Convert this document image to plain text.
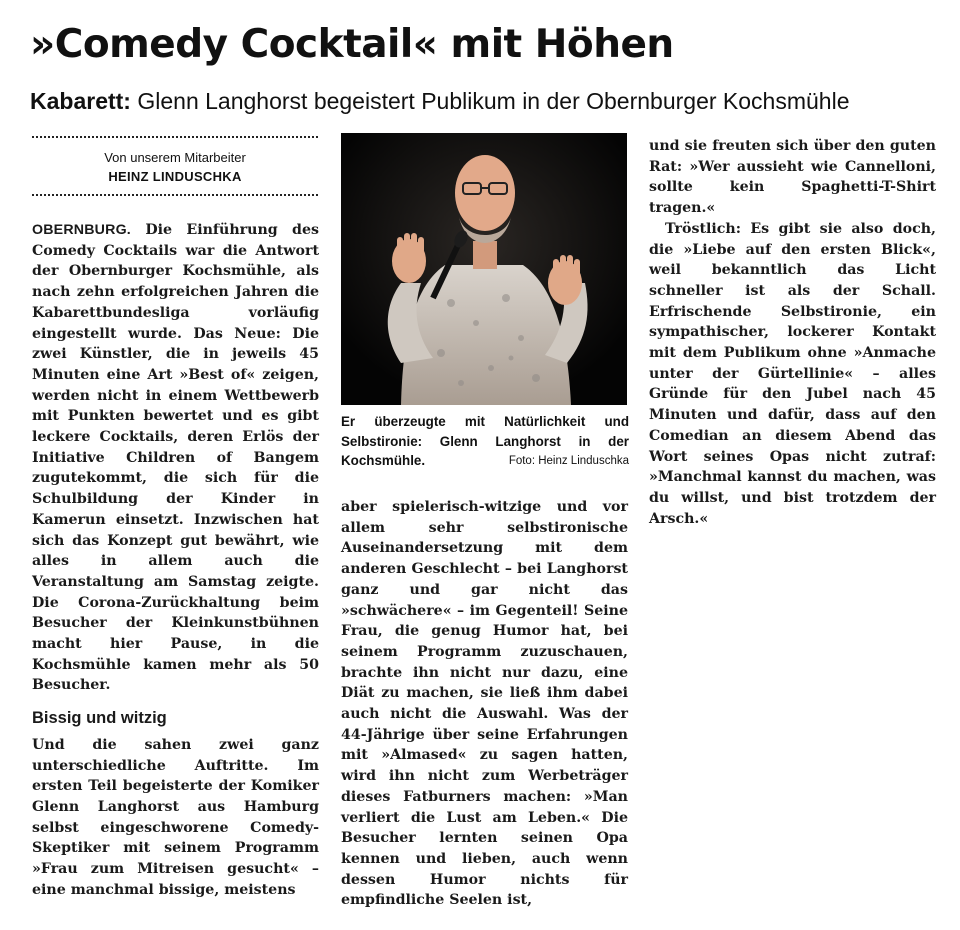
»Comedy Cocktail« mit Höhen

Kabarett: Glenn Langhorst begeistert Publikum in der Obernburger Kochsmühle

Von unserem Mitarbeiter
HEINZ LINDUSCHKA

OBERNBURG. Die Einführung des Comedy Cocktails war die Antwort der Obernburger Kochsmühle, als nach zehn erfolgreichen Jahren die Kabarettbundesliga vorläufig eingestellt wurde. Das Neue: Die zwei Künstler, die in jeweils 45 Minuten eine Art »Best of« zeigen, werden nicht in einem Wettbewerb mit Punkten bewertet und es gibt leckere Cocktails, deren Erlös der Initiative Children of Bangem zugutekommt, die sich für die Schulbildung der Kinder in Kamerun einsetzt. Inzwischen hat sich das Konzept gut bewährt, wie alles in allem auch die Veranstaltung am Samstag zeigte. Die Corona-Zurückhaltung beim Besucher der Kleinkunstbühnen macht hier Pause, in die Kochsmühle kamen mehr als 50 Besucher.

Bissig und witzig

Und die sahen zwei ganz unterschiedliche Auftritte. Im ersten Teil begeisterte der Komiker Glenn Langhorst aus Hamburg selbst eingeschworene Comedy-Skeptiker mit seinem Programm »Frau zum Mitreisen gesucht« – eine manchmal bissige, meistens

Er überzeugte mit Natürlichkeit und Selbstironie: Glenn Langhorst in der Kochsmühle.	Foto: Heinz Linduschka

aber spielerisch-witzige und vor allem sehr selbstironische Auseinandersetzung mit dem anderen Geschlecht – bei Langhorst ganz und gar nicht das »schwächere« – im Gegenteil! Seine Frau, die genug Humor hat, bei seinem Programm zuzuschauen, brachte ihn nicht nur dazu, eine Diät zu machen, sie ließ ihm dabei auch nicht die Auswahl. Was der 44-Jährige über seine Erfahrungen mit »Almased« zu sagen hatten, wird ihn nicht zum Werbeträger dieses Fatburners machen: »Man verliert die Lust am Leben.« Die Besucher lernten seinen Opa kennen und lieben, auch wenn dessen Humor nichts für empfindliche Seelen ist,

und sie freuten sich über den guten Rat: »Wer aussieht wie Cannelloni, sollte kein Spaghetti-T-Shirt tragen.«

Tröstlich: Es gibt sie also doch, die »Liebe auf den ersten Blick«, weil bekanntlich das Licht schneller ist als der Schall. Erfrischende Selbstironie, ein sympathischer, lockerer Kontakt mit dem Publikum ohne »Anmache unter der Gürtellinie« – alles Gründe für den Jubel nach 45 Minuten und dafür, dass auf den Comedian an diesem Abend das Wort seines Opas nicht zutraf: »Manchmal kannst du machen, was du willst, und bist trotzdem der Arsch.«
